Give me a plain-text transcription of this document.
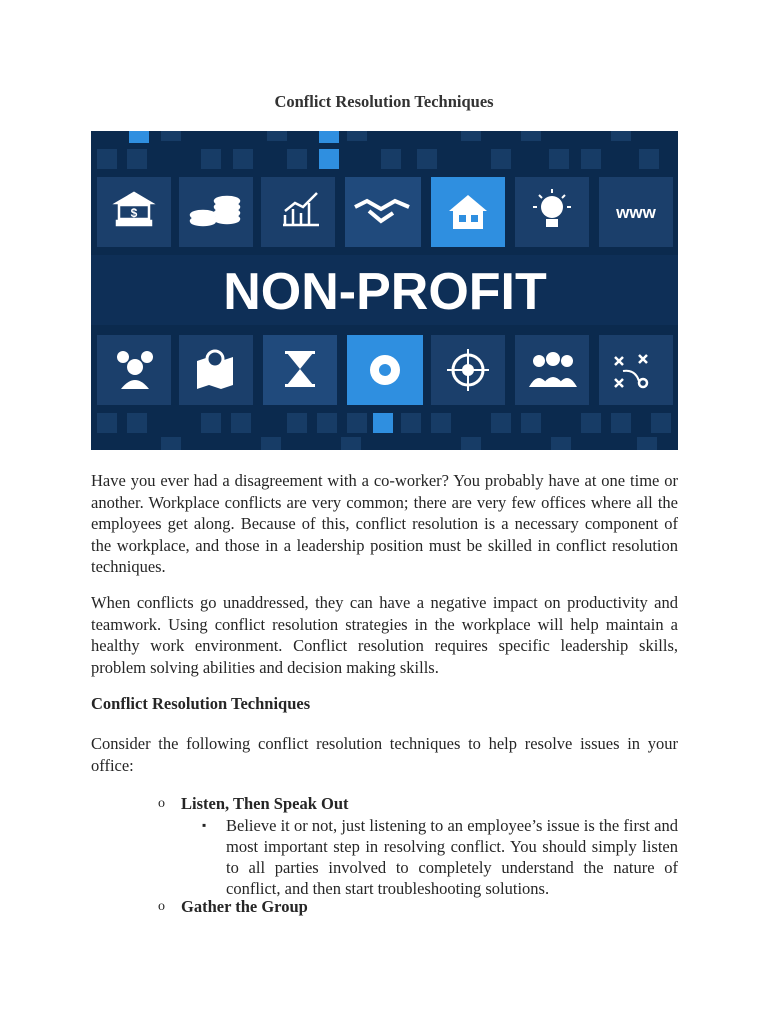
Conflict Resolution Techniques
www
$
NON-PROFIT
Have you ever had a disagreement with a co-worker? You probably have at one time or another. Workplace conflicts are very common; there are very few offices where all the employees get along. Because of this, conflict resolution is a necessary component of the workplace, and those in a leadership position must be skilled in conflict resolution techniques.
When conflicts go unaddressed, they can have a negative impact on productivity and teamwork. Using conflict resolution strategies in the workplace will help maintain a healthy work environment. Conflict resolution requires specific leadership skills, problem solving abilities and decision making skills.
Conflict Resolution Techniques
Consider the following conflict resolution techniques to help resolve issues in your office:
o Listen, Then Speak Out
▪ Believe it or not, just listening to an employee’s issue is the first and most important step in resolving conflict. You should simply listen to all parties involved to completely understand the nature of conflict, and then start troubleshooting solutions.
o Gather the Group
